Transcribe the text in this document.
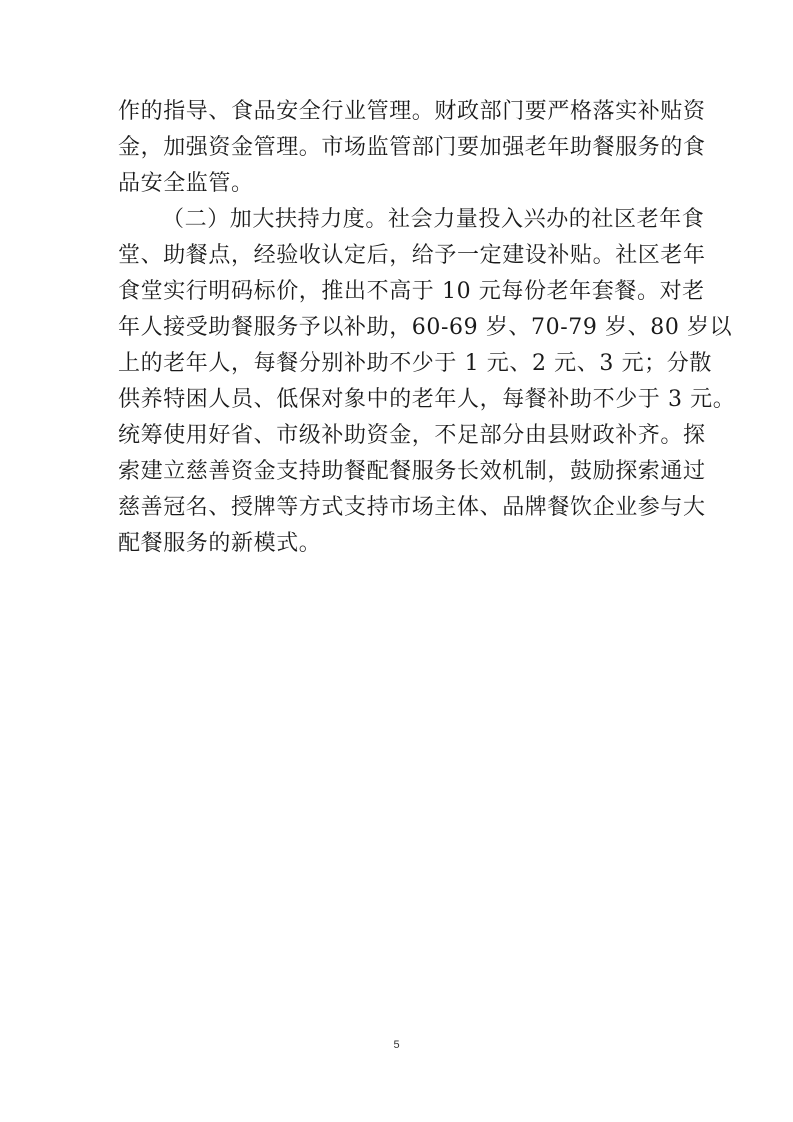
作的指导、食品安全行业管理。财政部门要严格落实补贴资
金，加强资金管理。市场监管部门要加强老年助餐服务的食
品安全监管。
（二）加大扶持力度。社会力量投入兴办的社区老年食
堂、助餐点，经验收认定后，给予一定建设补贴。社区老年
食堂实行明码标价，推出不高于 10 元每份老年套餐。对老
年人接受助餐服务予以补助，60-69 岁、70-79 岁、80 岁以
上的老年人，每餐分别补助不少于 1 元、2 元、3 元；分散
供养特困人员、低保对象中的老年人，每餐补助不少于 3 元。
统筹使用好省、市级补助资金，不足部分由县财政补齐。探
索建立慈善资金支持助餐配餐服务长效机制，鼓励探索通过
慈善冠名、授牌等方式支持市场主体、品牌餐饮企业参与大
配餐服务的新模式。
5
